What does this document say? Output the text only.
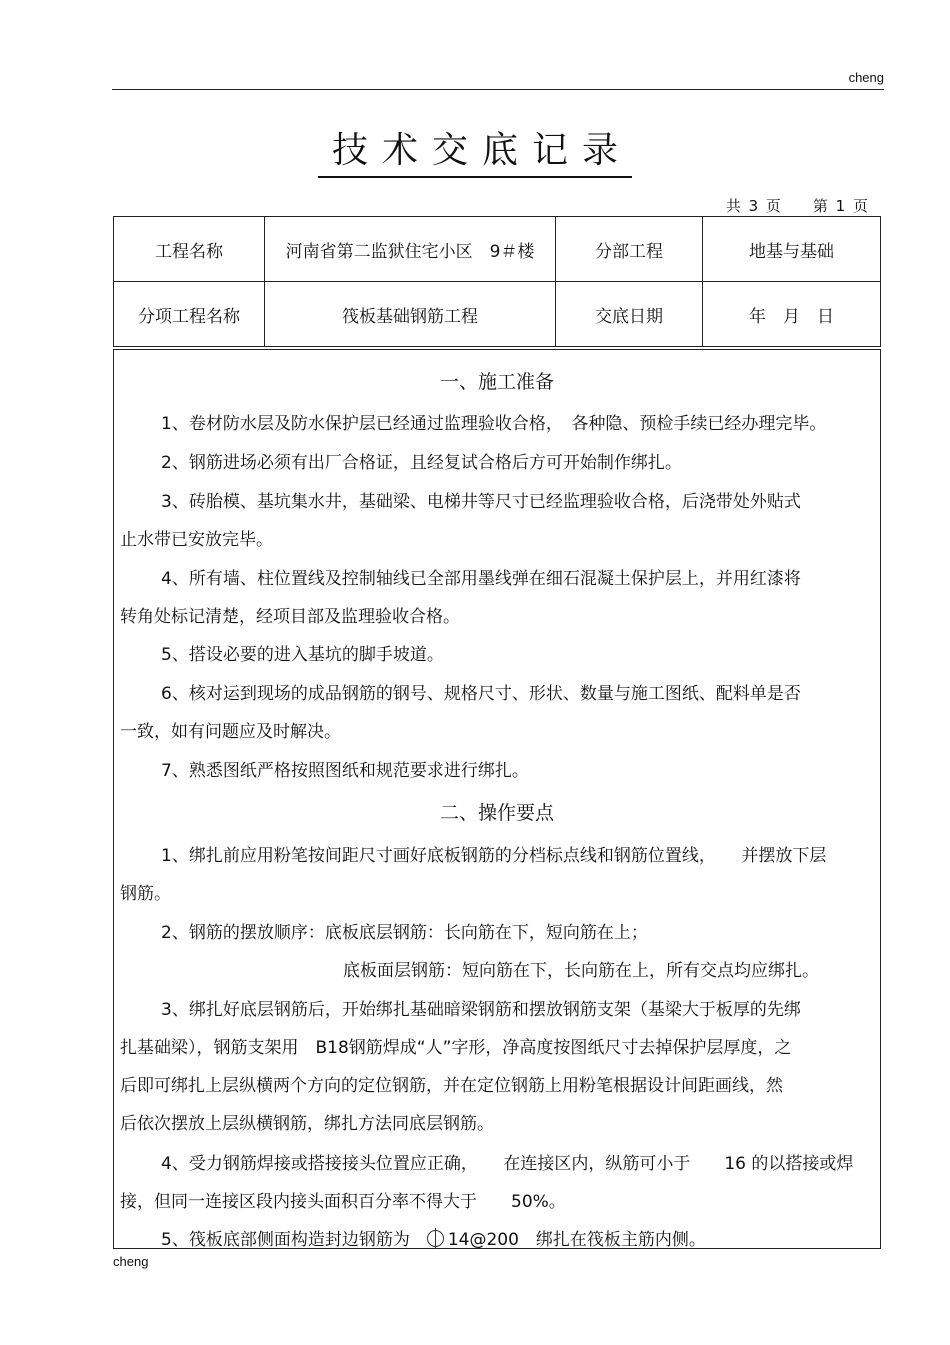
cheng
技术交底记录
共 3 页 第 1 页
工程名称	河南省第二监狱住宅小区　9＃楼	分部工程	地基与基础
分项工程名称	筏板基础钢筋工程	交底日期	年　月　日
一、施工准备
1、卷材防水层及防水保护层已经通过监理验收合格，　各种隐、预检手续已经办理完毕。
2、钢筋进场必须有出厂合格证，且经复试合格后方可开始制作绑扎。
3、砖胎模、基坑集水井，基础梁、电梯井等尺寸已经监理验收合格，后浇带处外贴式
止水带已安放完毕。
4、所有墙、柱位置线及控制轴线已全部用墨线弹在细石混凝土保护层上，并用红漆将
转角处标记清楚，经项目部及监理验收合格。
5、搭设必要的进入基坑的脚手坡道。
6、核对运到现场的成品钢筋的钢号、规格尺寸、形状、数量与施工图纸、配料单是否
一致，如有问题应及时解决。
7、熟悉图纸严格按照图纸和规范要求进行绑扎。
二、操作要点
1、绑扎前应用粉笔按间距尺寸画好底板钢筋的分档标点线和钢筋位置线，　　并摆放下层
钢筋。
2、钢筋的摆放顺序：底板底层钢筋：长向筋在下，短向筋在上；
底板面层钢筋：短向筋在下，长向筋在上，所有交点均应绑扎。
3、绑扎好底层钢筋后，开始绑扎基础暗梁钢筋和摆放钢筋支架（基梁大于板厚的先绑
扎基础梁），钢筋支架用　B18钢筋焊成“人”字形，净高度按图纸尺寸去掉保护层厚度，之
后即可绑扎上层纵横两个方向的定位钢筋，并在定位钢筋上用粉笔根据设计间距画线，然
后依次摆放上层纵横钢筋，绑扎方法同底层钢筋。
4、受力钢筋焊接或搭接接头位置应正确，　　在连接区内，纵筋可小于　　16 的以搭接或焊
接，但同一连接区段内接头面积百分率不得大于　　50%。
5、筏板底部侧面构造封边钢筋为　14@200　绑扎在筏板主筋内侧。
cheng
